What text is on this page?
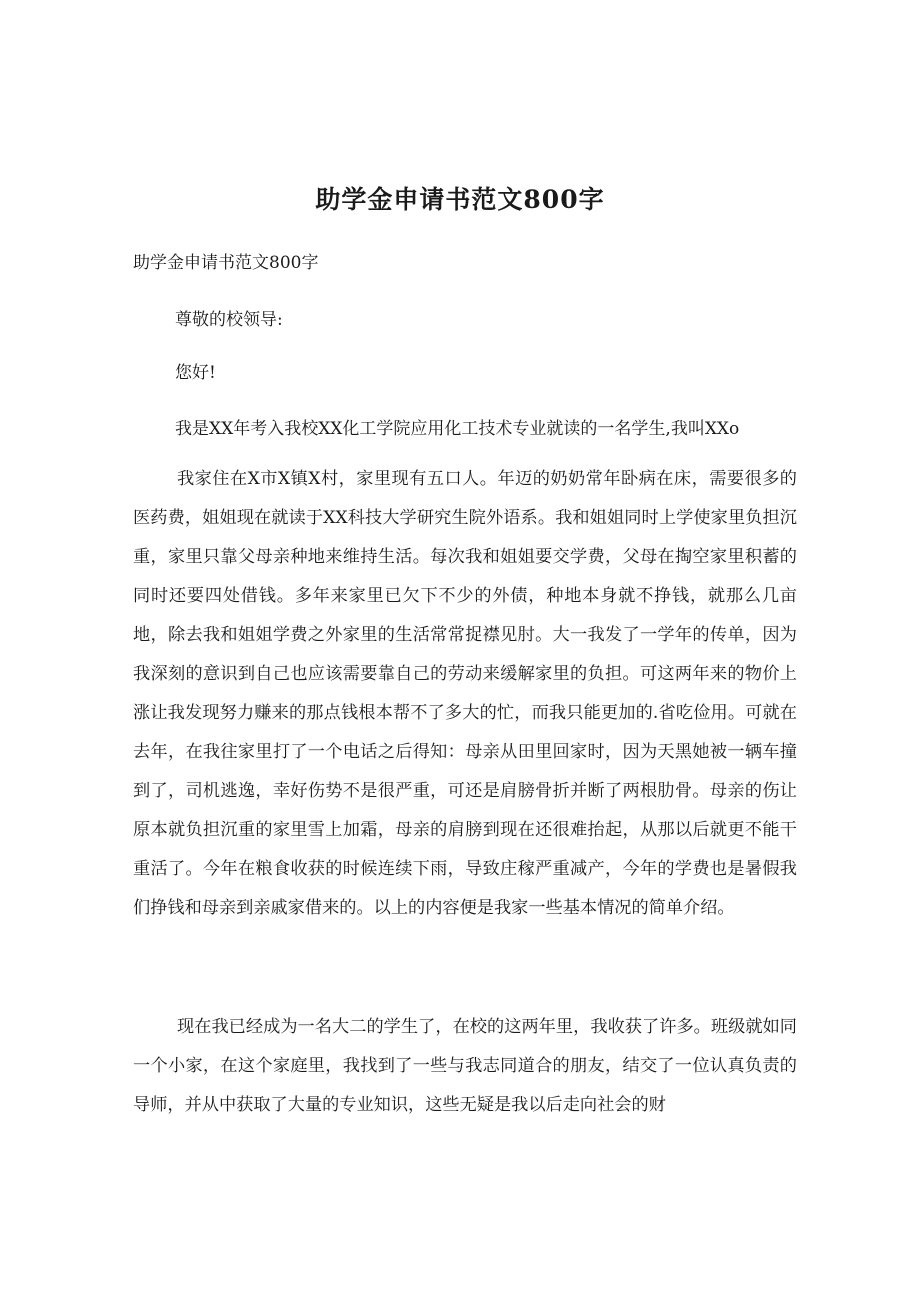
助学金申请书范文800字

助学金申请书范文800字

尊敬的校领导:

您好!

我是XX年考入我校XX化工学院应用化工技术专业就读的一名学生,我叫XXo

我家住在X市X镇X村，家里现有五口人。年迈的奶奶常年卧病在床，需要很多的医药费，姐姐现在就读于XX科技大学研究生院外语系。我和姐姐同时上学使家里负担沉重，家里只靠父母亲种地来维持生活。每次我和姐姐要交学费，父母在掏空家里积蓄的同时还要四处借钱。多年来家里已欠下不少的外债，种地本身就不挣钱，就那么几亩地，除去我和姐姐学费之外家里的生活常常捉襟见肘。大一我发了一学年的传单，因为我深刻的意识到自己也应该需要靠自己的劳动来缓解家里的负担。可这两年来的物价上涨让我发现努力赚来的那点钱根本帮不了多大的忙，而我只能更加的.省吃俭用。可就在去年，在我往家里打了一个电话之后得知：母亲从田里回家时，因为天黑她被一辆车撞到了，司机逃逸，幸好伤势不是很严重，可还是肩膀骨折并断了两根肋骨。母亲的伤让原本就负担沉重的家里雪上加霜，母亲的肩膀到现在还很难抬起，从那以后就更不能干重活了。今年在粮食收获的时候连续下雨，导致庄稼严重减产，今年的学费也是暑假我们挣钱和母亲到亲戚家借来的。以上的内容便是我家一些基本情况的简单介绍。

现在我已经成为一名大二的学生了，在校的这两年里，我收获了许多。班级就如同一个小家，在这个家庭里，我找到了一些与我志同道合的朋友，结交了一位认真负责的导师，并从中获取了大量的专业知识，这些无疑是我以后走向社会的财
